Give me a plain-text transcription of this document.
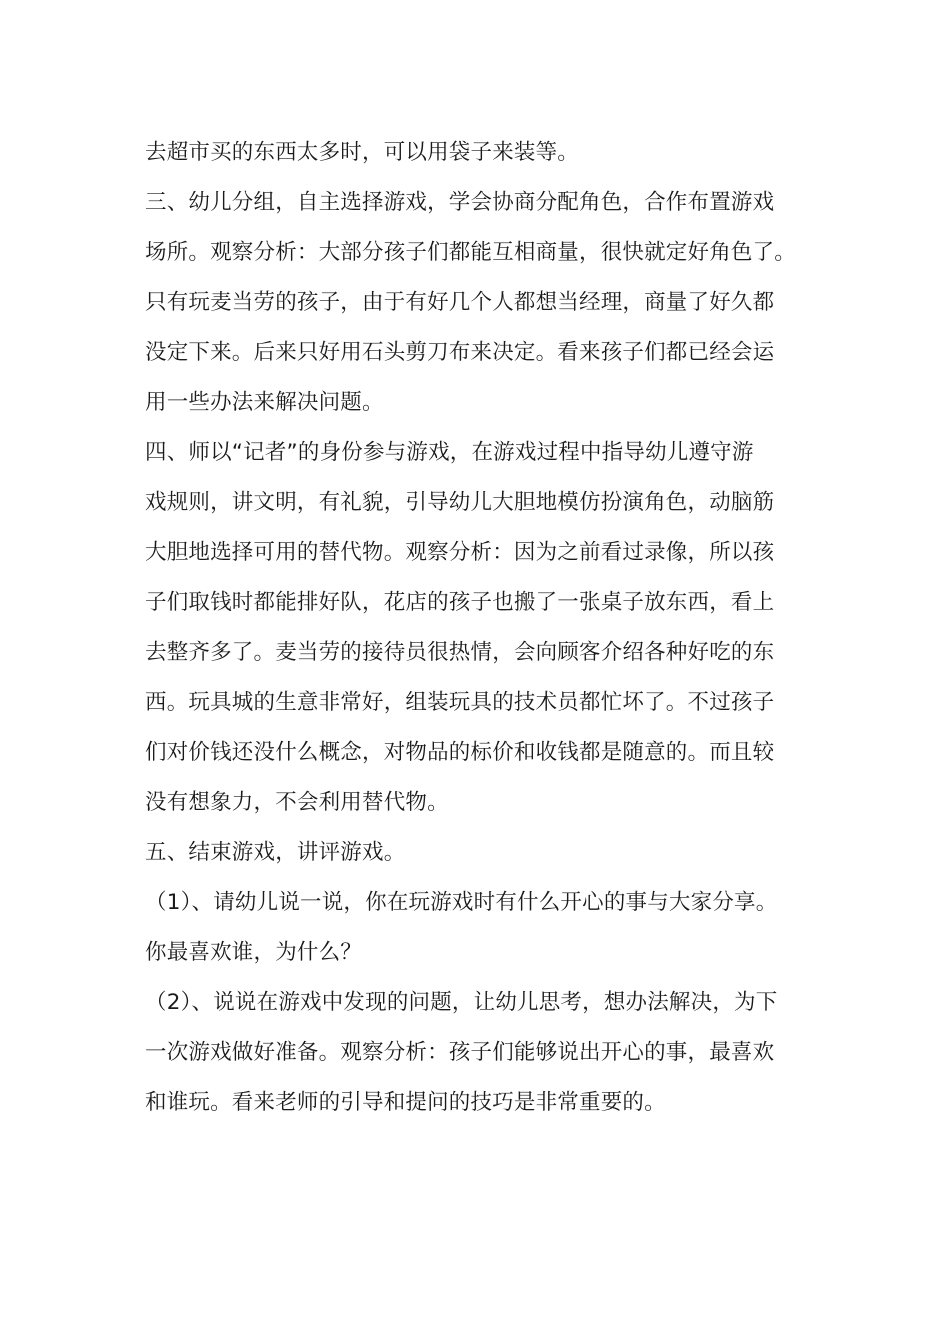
去超市买的东西太多时，可以用袋子来装等。
三、幼儿分组，自主选择游戏，学会协商分配角色，合作布置游戏
场所。观察分析：大部分孩子们都能互相商量，很快就定好角色了。
只有玩麦当劳的孩子，由于有好几个人都想当经理，商量了好久都
没定下来。后来只好用石头剪刀布来决定。看来孩子们都已经会运
用一些办法来解决问题。
四、师以“记者”的身份参与游戏，在游戏过程中指导幼儿遵守游
戏规则，讲文明，有礼貌，引导幼儿大胆地模仿扮演角色，动脑筋
大胆地选择可用的替代物。观察分析：因为之前看过录像，所以孩
子们取钱时都能排好队，花店的孩子也搬了一张桌子放东西，看上
去整齐多了。麦当劳的接待员很热情，会向顾客介绍各种好吃的东
西。玩具城的生意非常好，组装玩具的技术员都忙坏了。不过孩子
们对价钱还没什么概念，对物品的标价和收钱都是随意的。而且较
没有想象力，不会利用替代物。
五、结束游戏，讲评游戏。
（1）、请幼儿说一说，你在玩游戏时有什么开心的事与大家分享。
你最喜欢谁，为什么？
（2）、说说在游戏中发现的问题，让幼儿思考，想办法解决，为下
一次游戏做好准备。观察分析：孩子们能够说出开心的事，最喜欢
和谁玩。看来老师的引导和提问的技巧是非常重要的。
